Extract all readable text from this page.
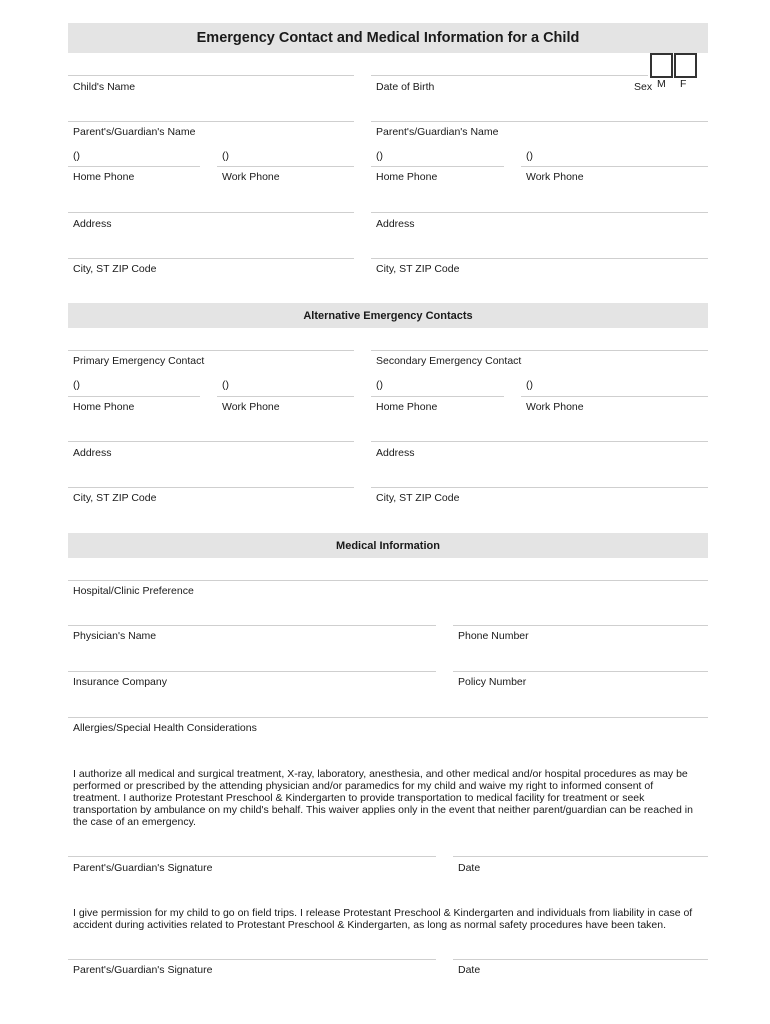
Emergency Contact and Medical Information for a Child
Child's Name	Date of Birth	Sex M F
Parent's/Guardian's Name	Parent's/Guardian's Name
()	()	()	()
Home Phone	Work Phone	Home Phone	Work Phone
Address	Address
City, ST ZIP Code	City, ST ZIP Code
Alternative Emergency Contacts
Primary Emergency Contact	Secondary Emergency Contact
()	()	()	()
Home Phone	Work Phone	Home Phone	Work Phone
Address	Address
City, ST ZIP Code	City, ST ZIP Code
Medical Information
Hospital/Clinic Preference
Physician's Name	Phone Number
Insurance Company	Policy Number
Allergies/Special Health Considerations
I authorize all medical and surgical treatment, X-ray, laboratory, anesthesia, and other medical and/or hospital procedures as may be performed or prescribed by the attending physician and/or paramedics for my child and waive my right to informed consent of treatment. I authorize Protestant Preschool & Kindergarten to provide transportation to medical facility for treatment or seek transportation by ambulance on my child's behalf. This waiver applies only in the event that neither parent/guardian can be reached in the case of an emergency.
Parent's/Guardian's Signature	Date
I give permission for my child to go on field trips. I release Protestant Preschool & Kindergarten and individuals from liability in case of accident during activities related to Protestant Preschool & Kindergarten, as long as normal safety procedures have been taken.
Parent's/Guardian's Signature	Date
